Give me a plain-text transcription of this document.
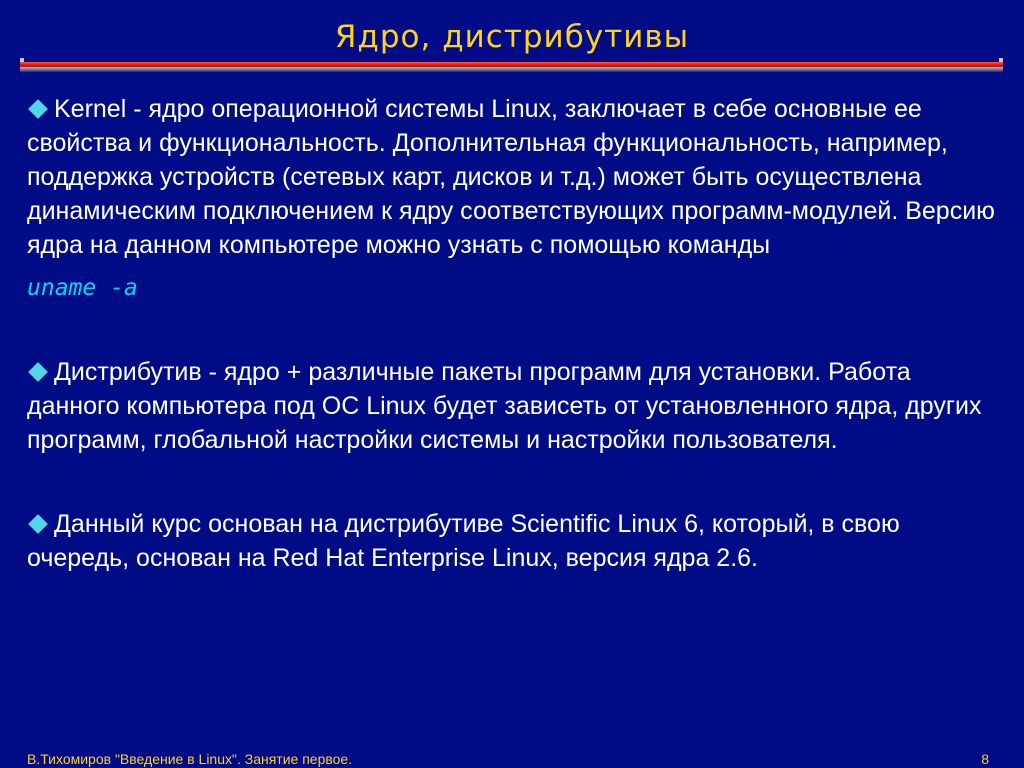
Ядро, дистрибутивы

Kernel - ядро операционной системы Linux, заключает в себе основные ее свойства и функциональность. Дополнительная функциональность, например, поддержка устройств (сетевых карт, дисков и т.д.) может быть осуществлена динамическим подключением к ядру соответствующих программ-модулей. Версию ядра на данном компьютере можно узнать с помощью команды

uname -a

Дистрибутив - ядро + различные пакеты программ для установки. Работа данного компьютера под ОС Linux будет зависеть от установленного ядра, других программ, глобальной настройки системы и настройки пользователя.

Данный курс основан на дистрибутиве Scientific Linux 6, который, в свою очередь, основан на Red Hat Enterprise Linux, версия ядра 2.6.

В.Тихомиров "Введение в Linux". Занятие первое.	8
